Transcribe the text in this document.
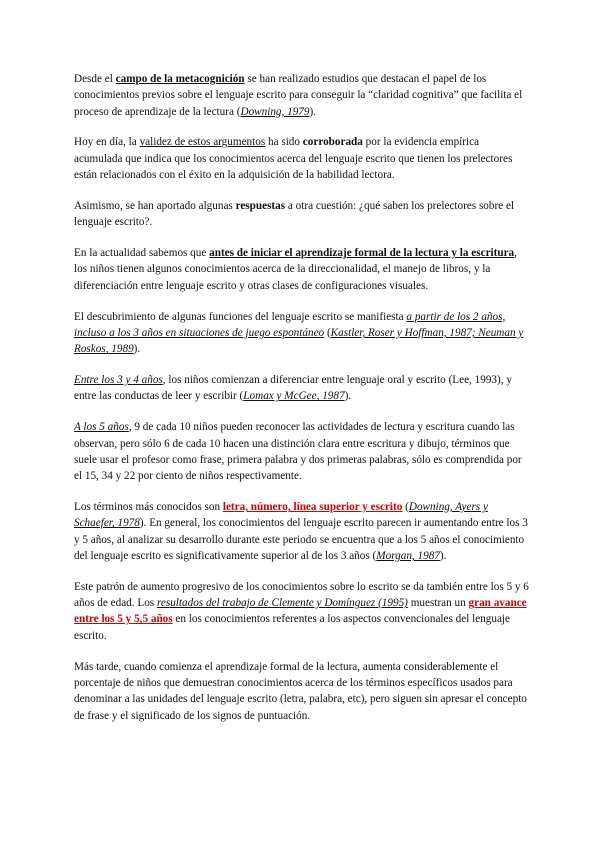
Desde el campo de la metacognición se han realizado estudios que destacan el papel de los conocimientos previos sobre el lenguaje escrito para conseguir la “claridad cognitiva” que facilita el proceso de aprendizaje de la lectura (Downing, 1979).

Hoy en día, la validez de estos argumentos ha sido corroborada por la evidencia empírica acumulada que indica que los conocimientos acerca del lenguaje escrito que tienen los prelectores están relacionados con el éxito en la adquisición de la habilidad lectora.

Asimismo, se han aportado algunas respuestas a otra cuestión: ¿qué saben los prelectores sobre el lenguaje escrito?.

En la actualidad sabemos que antes de iniciar el aprendizaje formal de la lectura y la escritura, los niños tienen algunos conocimientos acerca de la direccionalidad, el manejo de libros, y la diferenciación entre lenguaje escrito y otras clases de configuraciones visuales.

El descubrimiento de algunas funciones del lenguaje escrito se manifiesta a partir de los 2 años, incluso a los 3 años en situaciones de juego espontáneo (Kastler, Roser y Hoffman, 1987; Neuman y Roskos, 1989).

Entre los 3 y 4 años, los niños comienzan a diferenciar entre lenguaje oral y escrito (Lee, 1993), y entre las conductas de leer y escribir (Lomax y McGee, 1987).

A los 5 años, 9 de cada 10 niños pueden reconocer las actividades de lectura y escritura cuando las observan, pero sólo 6 de cada 10 hacen una distinción clara entre escritura y dibujo, términos que suele usar el profesor como frase, primera palabra y dos primeras palabras, sólo es comprendida por el 15, 34 y 22 por ciento de niños respectivamente.

Los términos más conocidos son letra, número, línea superior y escrito (Downing, Ayers y Schaefer, 1978). En general, los conocimientos del lenguaje escrito parecen ir aumentando entre los 3 y 5 años, al analizar su desarrollo durante este periodo se encuentra que a los 5 años el conocimiento del lenguaje escrito es significativamente superior al de los 3 años (Morgan, 1987).

Este patrón de aumento progresivo de los conocimientos sobre lo escrito se da también entre los 5 y 6 años de edad. Los resultados del trabajo de Clemente y Domínguez (1995) muestran un gran avance entre los 5 y 5,5 años en los conocimientos referentes a los aspectos convencionales del lenguaje escrito.

Más tarde, cuando comienza el aprendizaje formal de la lectura, aumenta considerablemente el porcentaje de niños que demuestran conocimientos acerca de los términos específicos usados para denominar a las unidades del lenguaje escrito (letra, palabra, etc), pero siguen sin apresar el concepto de frase y el significado de los signos de puntuación.
